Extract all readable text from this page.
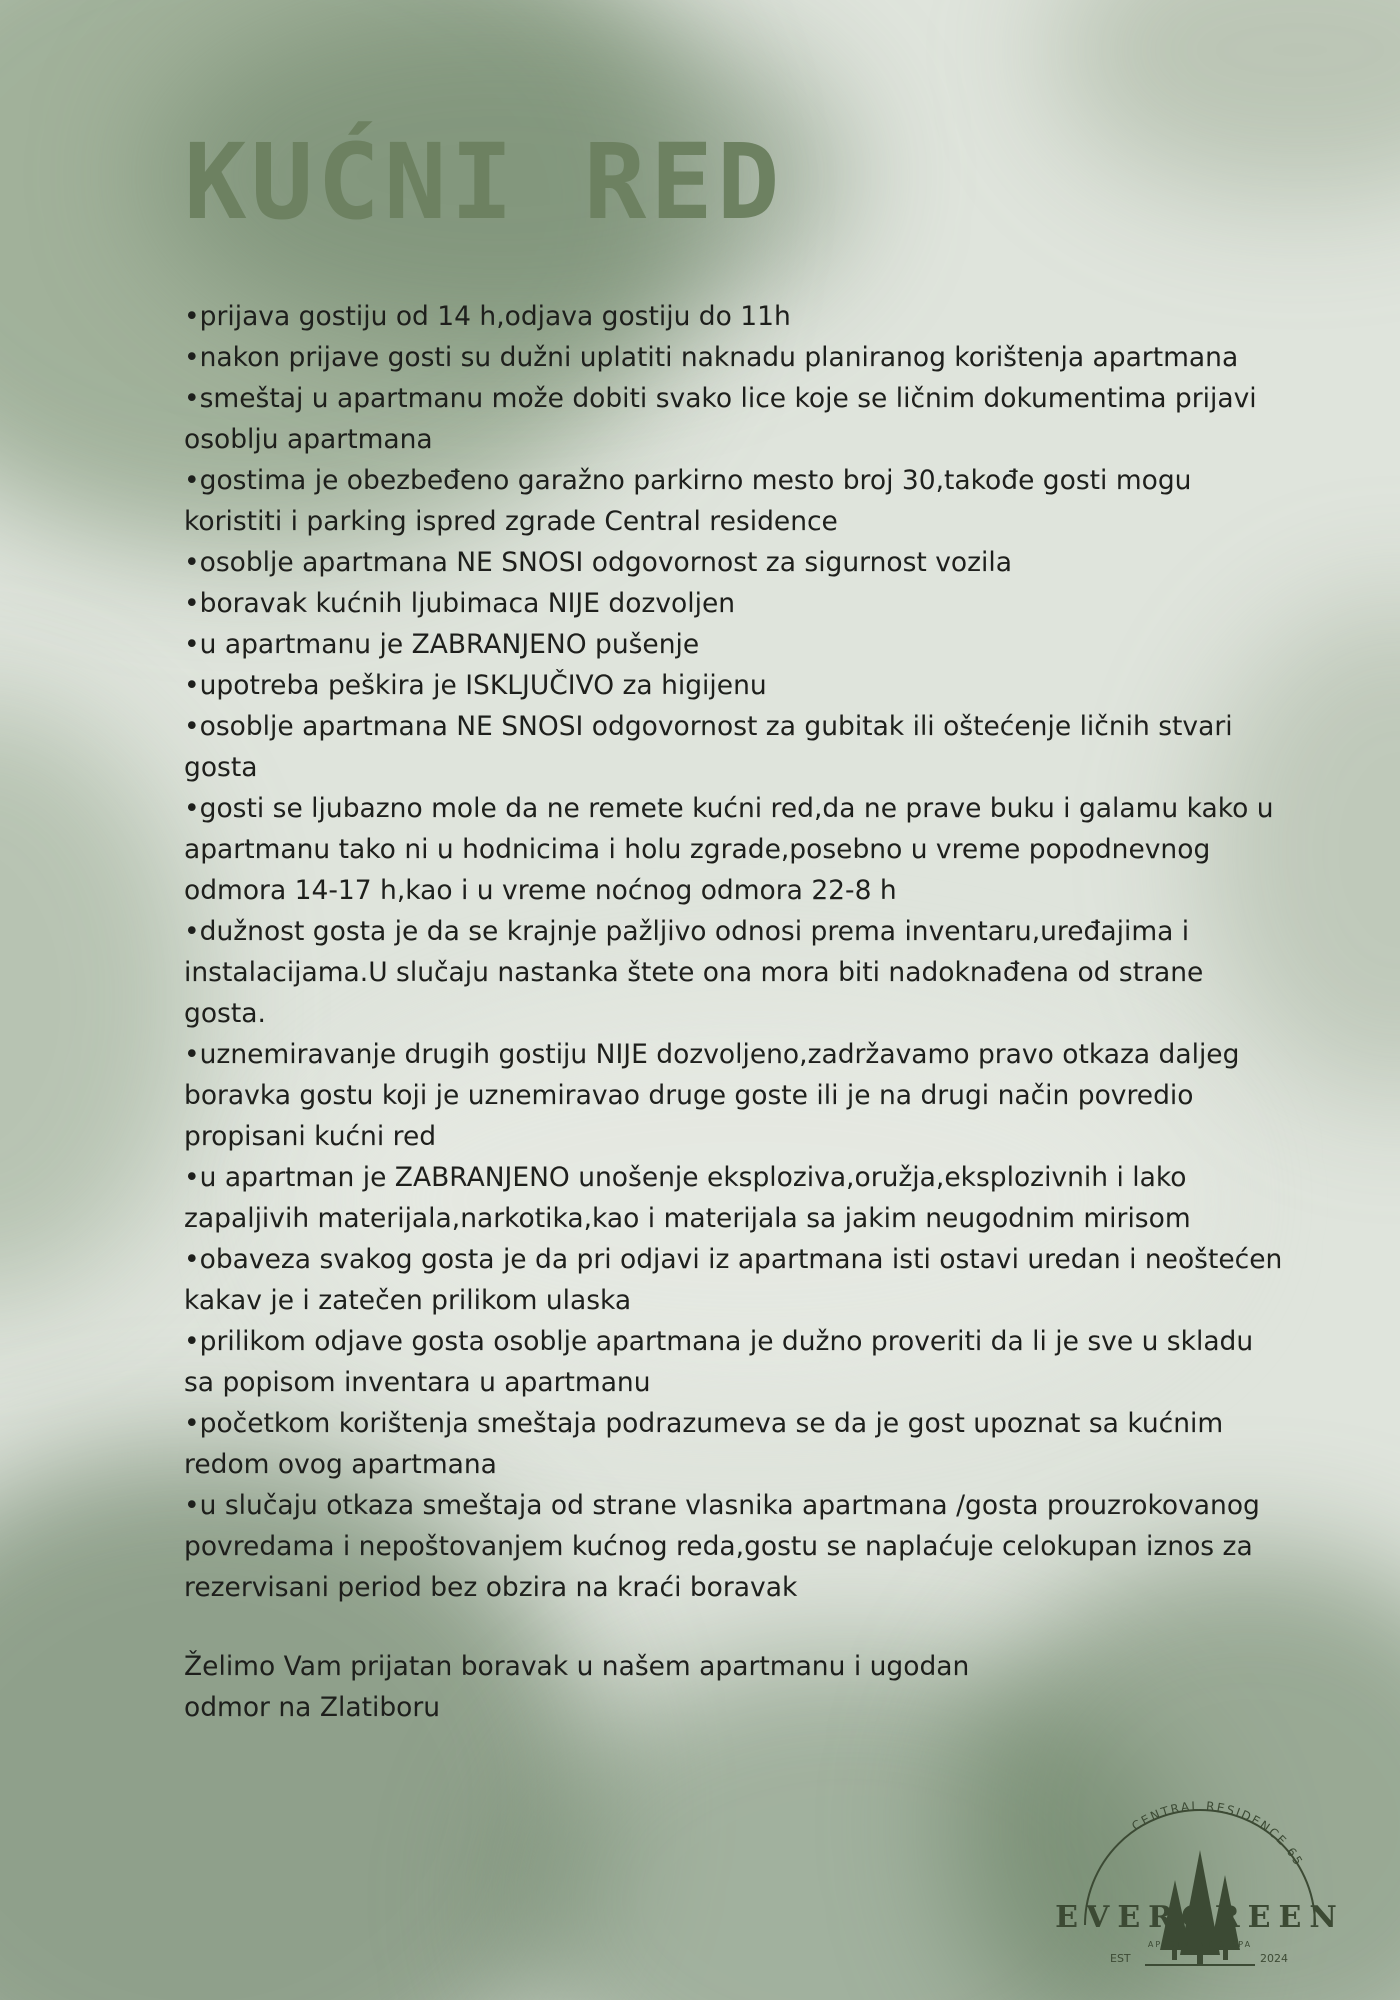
KUĆNI RED

•prijava gostiju od 14 h,odjava gostiju do 11h

•nakon prijave gosti su dužni uplatiti naknadu planiranog korištenja apartmana

•smeštaj u apartmanu može dobiti svako lice koje se ličnim dokumentima prijavi osoblju apartmana

•gostima je obezbeđeno garažno parkirno mesto broj 30,takođe gosti mogu koristiti i parking ispred zgrade Central residence

•osoblje apartmana NE SNOSI odgovornost za sigurnost vozila

•boravak kućnih ljubimaca NIJE dozvoljen

•u apartmanu je ZABRANJENO pušenje

•upotreba peškira je ISKLJUČIVO za higijenu

•osoblje apartmana NE SNOSI odgovornost za gubitak ili oštećenje ličnih stvari gosta

•gosti se ljubazno mole da ne remete kućni red,da ne prave buku i galamu kako u apartmanu tako ni u hodnicima i holu zgrade,posebno u vreme popodnevnog odmora 14-17 h,kao i u vreme noćnog odmora 22-8 h

•dužnost gosta je da se krajnje pažljivo odnosi prema inventaru,uređajima i instalacijama.U slučaju nastanka štete ona mora biti nadoknađena od strane gosta.

•uznemiravanje drugih gostiju NIJE dozvoljeno,zadržavamo pravo otkaza daljeg boravka gostu koji je uznemiravao druge goste ili je na drugi način povredio propisani kućni red

•u apartman je ZABRANJENO unošenje eksploziva,oružja,eksplozivnih i lako zapaljivih materijala,narkotika,kao i materijala sa jakim neugodnim mirisom

•obaveza svakog gosta je da pri odjavi iz apartmana isti ostavi uredan i neoštećen kakav je i zatečen prilikom ulaska

•prilikom odjave gosta osoblje apartmana je dužno proveriti da li je sve u skladu sa popisom inventara u apartmanu

•početkom korištenja smeštaja podrazumeva se da je gost upoznat sa kućnim redom ovog apartmana

•u slučaju otkaza smeštaja od strane vlasnika apartmana /gosta prouzrokovanog povredama i nepoštovanjem kućnog reda,gostu se naplaćuje celokupan iznos za rezervisani period bez obzira na kraći boravak

Želimo Vam prijatan boravak u našem apartmanu i ugodan

odmor na Zlatiboru

CENTRAL RESIDENCE 65
EST	2024
EVERGREEN
APARTMENT & SPA
